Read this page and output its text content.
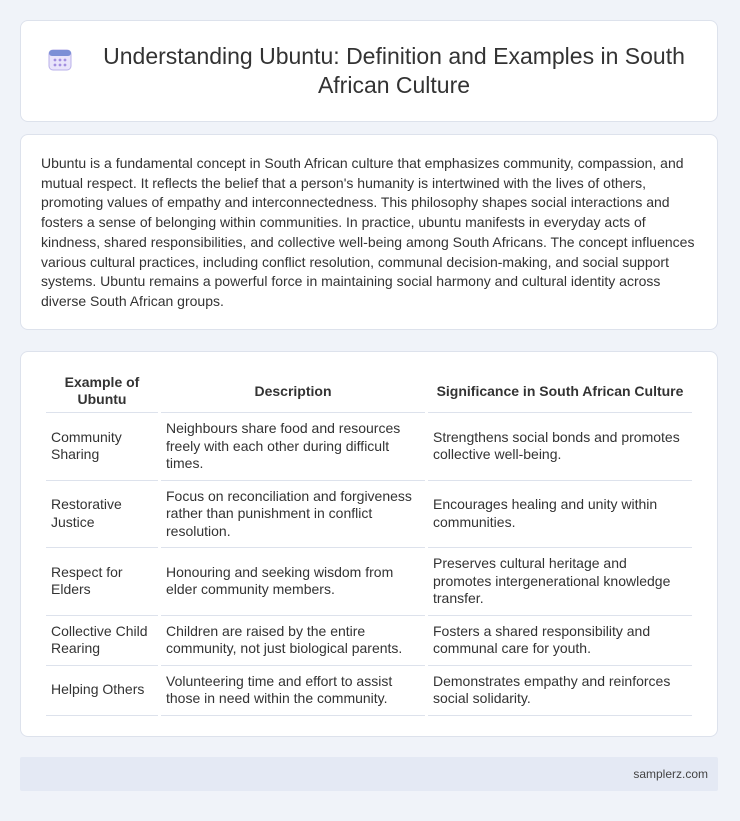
Understanding Ubuntu: Definition and Examples in South African Culture

Ubuntu is a fundamental concept in South African culture that emphasizes community, compassion, and mutual respect. It reflects the belief that a person's humanity is intertwined with the lives of others, promoting values of empathy and interconnectedness. This philosophy shapes social interactions and fosters a sense of belonging within communities. In practice, ubuntu manifests in everyday acts of kindness, shared responsibilities, and collective well-being among South Africans. The concept influences various cultural practices, including conflict resolution, communal decision-making, and social support systems. Ubuntu remains a powerful force in maintaining social harmony and cultural identity across diverse South African groups.

Example of Ubuntu	Description	Significance in South African Culture
Community Sharing	Neighbours share food and resources freely with each other during difficult times.	Strengthens social bonds and promotes collective well-being.
Restorative Justice	Focus on reconciliation and forgiveness rather than punishment in conflict resolution.	Encourages healing and unity within communities.
Respect for Elders	Honouring and seeking wisdom from elder community members.	Preserves cultural heritage and promotes intergenerational knowledge transfer.
Collective Child Rearing	Children are raised by the entire community, not just biological parents.	Fosters a shared responsibility and communal care for youth.
Helping Others	Volunteering time and effort to assist those in need within the community.	Demonstrates empathy and reinforces social solidarity.
samplerz.com
